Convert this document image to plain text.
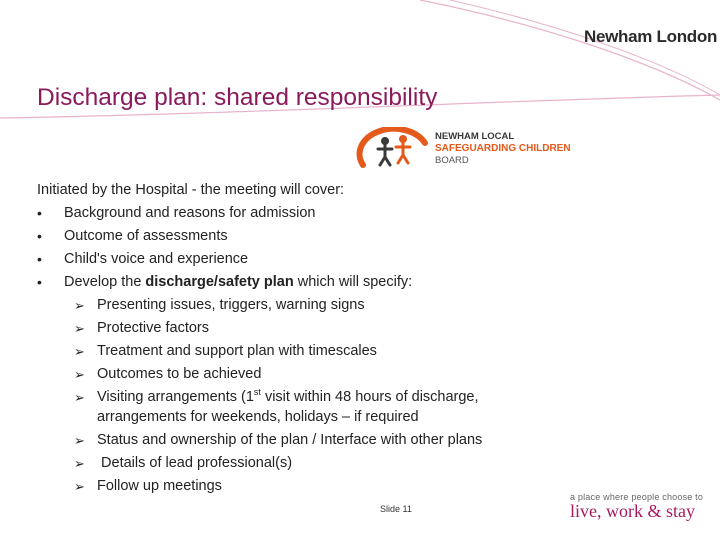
Newham London
Discharge plan: shared responsibility
NEWHAM LOCAL
SAFEGUARDING CHILDREN
BOARD
Initiated by the Hospital - the meeting will cover:
• Background and reasons for admission
• Outcome of assessments
• Child's voice and experience
• Develop the discharge/safety plan which will specify:
➢ Presenting issues, triggers, warning signs
➢ Protective factors
➢ Treatment and support plan with timescales
➢ Outcomes to be achieved
➢ Visiting arrangements (1st visit within 48 hours of discharge,
arrangements for weekends, holidays – if required
➢ Status and ownership of the plan / Interface with other plans
➢ Details of lead professional(s)
➢ Follow up meetings
Slide 11
a place where people choose to
live, work & stay
